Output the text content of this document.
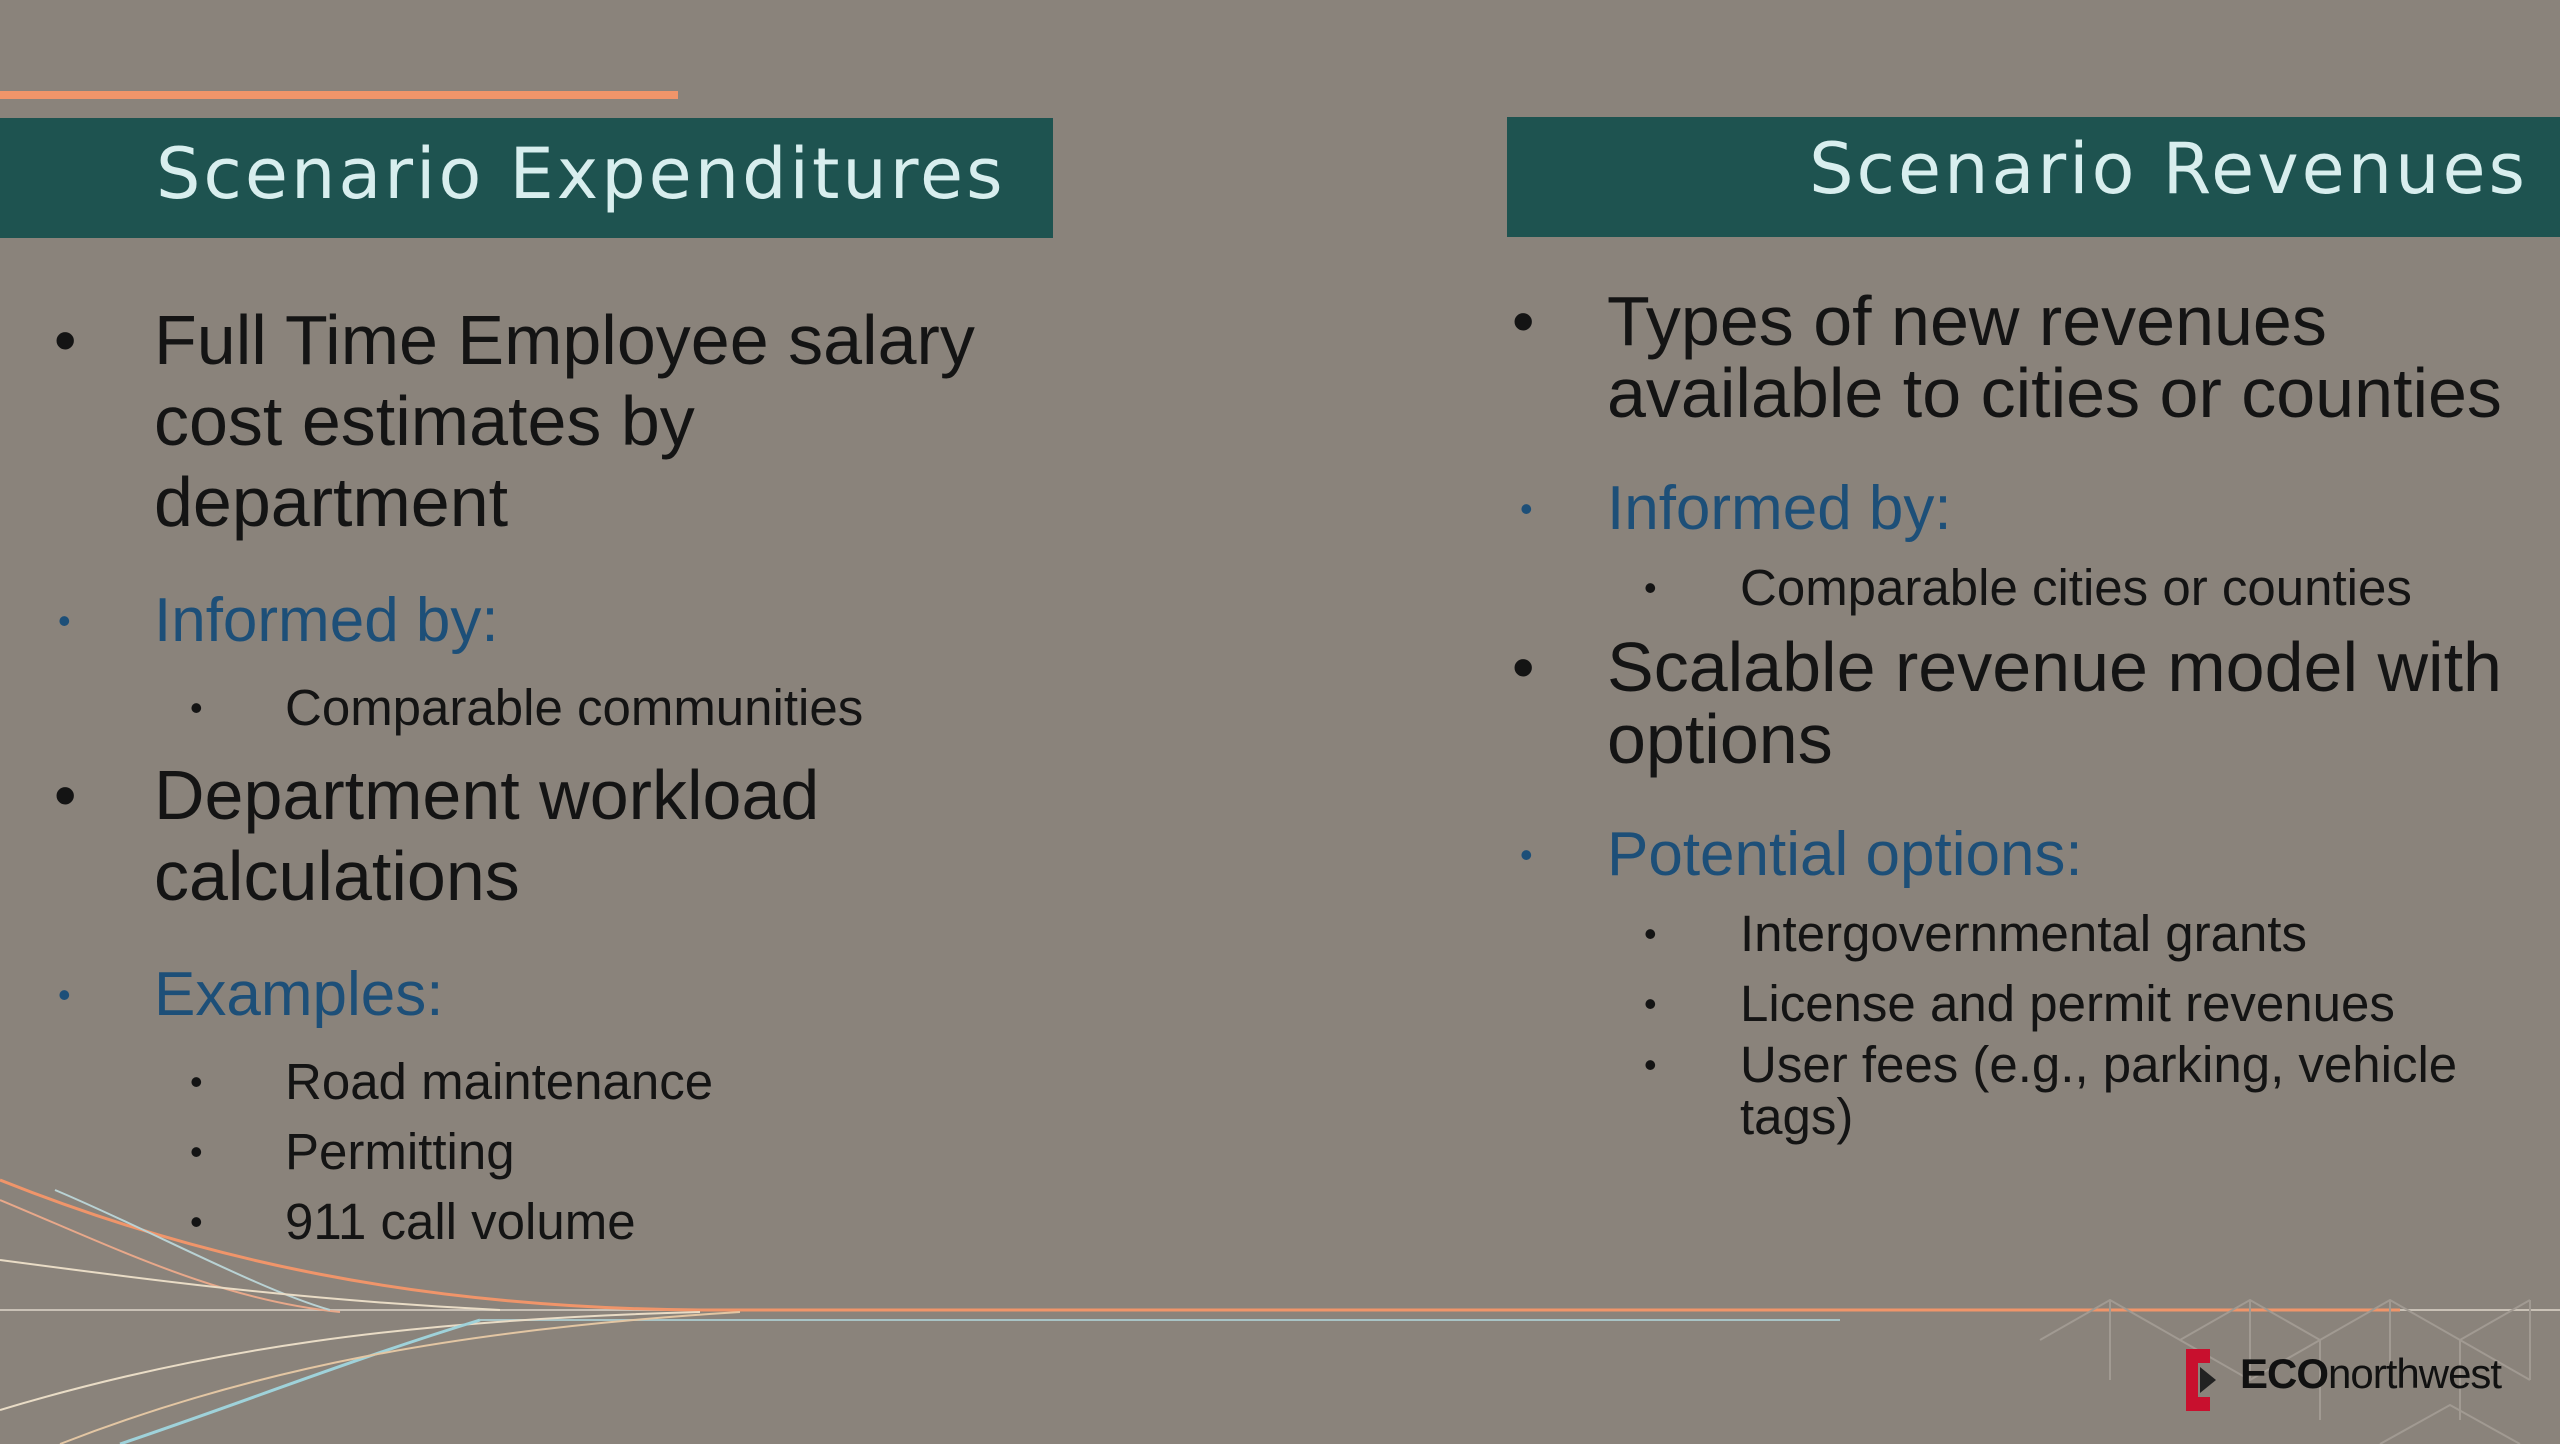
Scenario Expenditures	Scenario Revenues
•	Full Time Employee salary cost estimates by department
•	Informed by:
•	Comparable communities
•	Department workload calculations
•	Examples:
•	Road maintenance
•	Permitting
•	911 call volume
•	Types of new revenues available to cities or counties
•	Informed by:
•	Comparable cities or counties
•	Scalable revenue model with options
•	Potential options:
•	Intergovernmental grants
•	License and permit revenues
•	User fees (e.g., parking, vehicle tags)
ECOnorthwest
